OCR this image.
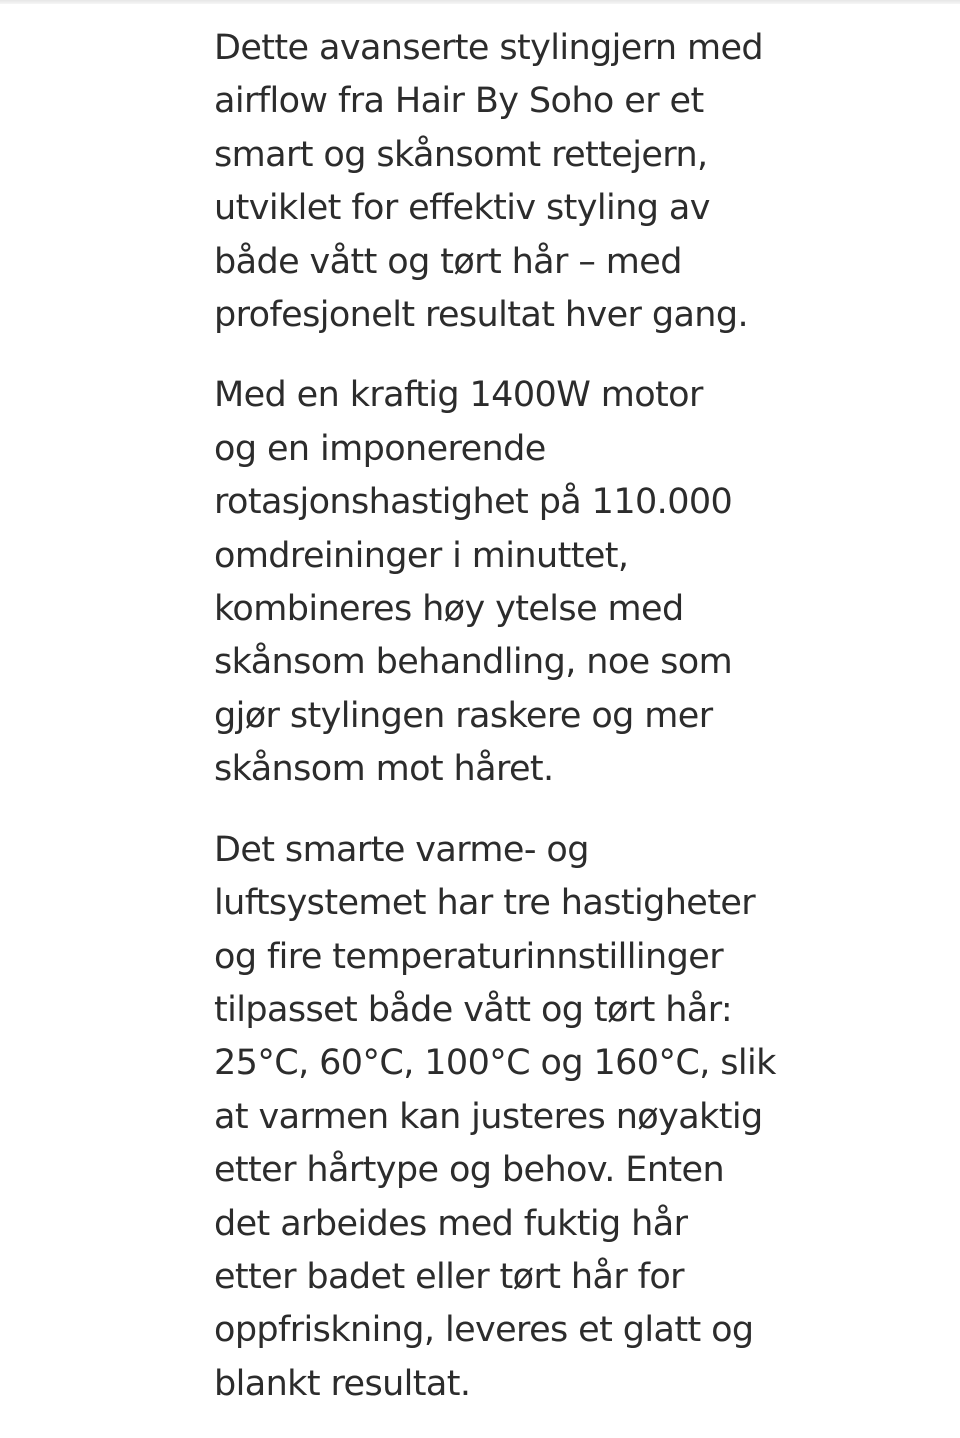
Dette avanserte stylingjern med
airflow fra Hair By Soho er et
smart og skånsomt rettejern,
utviklet for effektiv styling av
både vått og tørt hår – med
profesjonelt resultat hver gang.

Med en kraftig 1400W motor
og en imponerende
rotasjonshastighet på 110.000
omdreininger i minuttet,
kombineres høy ytelse med
skånsom behandling, noe som
gjør stylingen raskere og mer
skånsom mot håret.

Det smarte varme- og
luftsystemet har tre hastigheter
og fire temperaturinnstillinger
tilpasset både vått og tørt hår:
25°C, 60°C, 100°C og 160°C, slik
at varmen kan justeres nøyaktig
etter hårtype og behov. Enten
det arbeides med fuktig hår
etter badet eller tørt hår for
oppfriskning, leveres et glatt og
blankt resultat.
